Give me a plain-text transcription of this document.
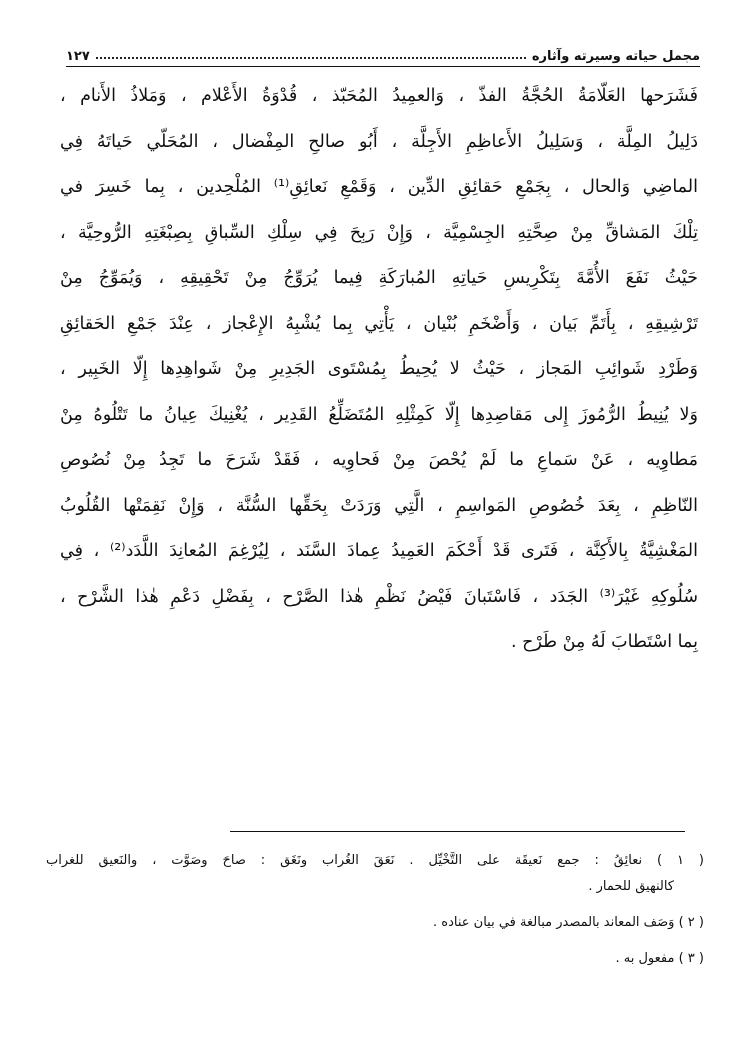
مجمل حياته وسيرته وآثاره
١٢٧
فَشَرَحها العَلّامَةُ الحُجَّةُ الفذّ ، وَالعمِيدُ المُحَبّذ ، قُدْوَةُ الأَعْلام ، وَمَلاذُ الأَنام ،
دَلِيلُ المِلَّة ، وَسَلِيلُ الأَعاظِمِ الأَجِلَّة ، أَبُو صالحِ المِفْضال ، المُحَلّي حَياتَهُ فِي
الماضِي وَالحال ، بِجَمْعِ حَقائِقِ الدِّين ، وَقَمْعِ نَعائِقِ⁽¹⁾ المُلْحِدين ، بِما خَسِرَ في
تِلْكَ المَشاقِّ مِنْ صِحَّتِهِ الجِسْمِيَّة ، وَإِنْ رَبِحَ فِي سِلْكِ السِّباقِ بِصِبْغَتِهِ الرُّوحِيَّة ،
حَيْثُ نَفَعَ الأُمَّةَ بِتَكْرِيسِ حَياتِهِ المُبارَكَةِ فِيما يُرَوِّجُ مِنْ تَحْقِيقِهِ ، وَيُمَوِّجُ مِنْ
تَرْشِيقِهِ ، بِأَتَمِّ بَيان ، وَأَضْخَمِ بُنْيان ، يَأْتِي بِما يُشْبِهُ الإِعْجاز ، عِنْدَ جَمْعِ الحَقائِقِ
وَطَرْدِ شَوائِبِ المَجاز ، حَيْثُ لا يُحِيطُ بِمُسْتَوى الجَدِيرِ مِنْ شَواهِدِها إِلّا الخَبِير ،
وَلا يُنِيطُ الرُّمُوزَ إِلى مَقاصِدِها إِلّا كَمِثْلِهِ المُتَضَلِّعُ القَدِير ، يُغْنِيكَ عِيانُ ما تَتْلُوهُ مِنْ
مَطاوِيه ، عَنْ سَماعِ ما لَمْ يُحْصَ مِنْ فَحاوِيه ، فَقَدْ شَرَحَ ما تَجِدُ مِنْ نُصُوصِ
النّاظِمِ ، بِعَدَ خُصُوصِ المَواسِمِ ، الَّتِي وَرَدَتْ بِحَقِّها السُّنَّة ، وَإِنْ نَقِمَتْها القُلُوبُ
المَغْشِيَّةُ بِالأَكِنَّة ، فَتَرى قَدْ أَحْكَمَ العَمِيدُ عِمادَ السَّنَد ، لِيُرْغِمَ المُعانِدَ اللَّدَد⁽²⁾ ، فِي
سُلُوكِهِ غَيْرَ⁽³⁾ الجَدَد ، فَاسْتَبانَ فَيْضُ نَظْمِ هٰذا الصَّرْح ، بِفَضْلِ دَعْمِ هٰذا الشَّرْح ،
بِما اسْتَطابَ لَهُ مِنْ طَرْح .
( ١ ) نعائِقُ : جمع نَعيقَة على التَّخْيِّل . نَعَقَ الغُراب ونَغَق : صاحَ وصَوَّت ، والنَعيق للغراب
كالنهيق للحمار .
( ٢ ) وَصَف المعاند بالمصدر مبالغة في بيان عناده .
( ٣ ) مفعول به .
